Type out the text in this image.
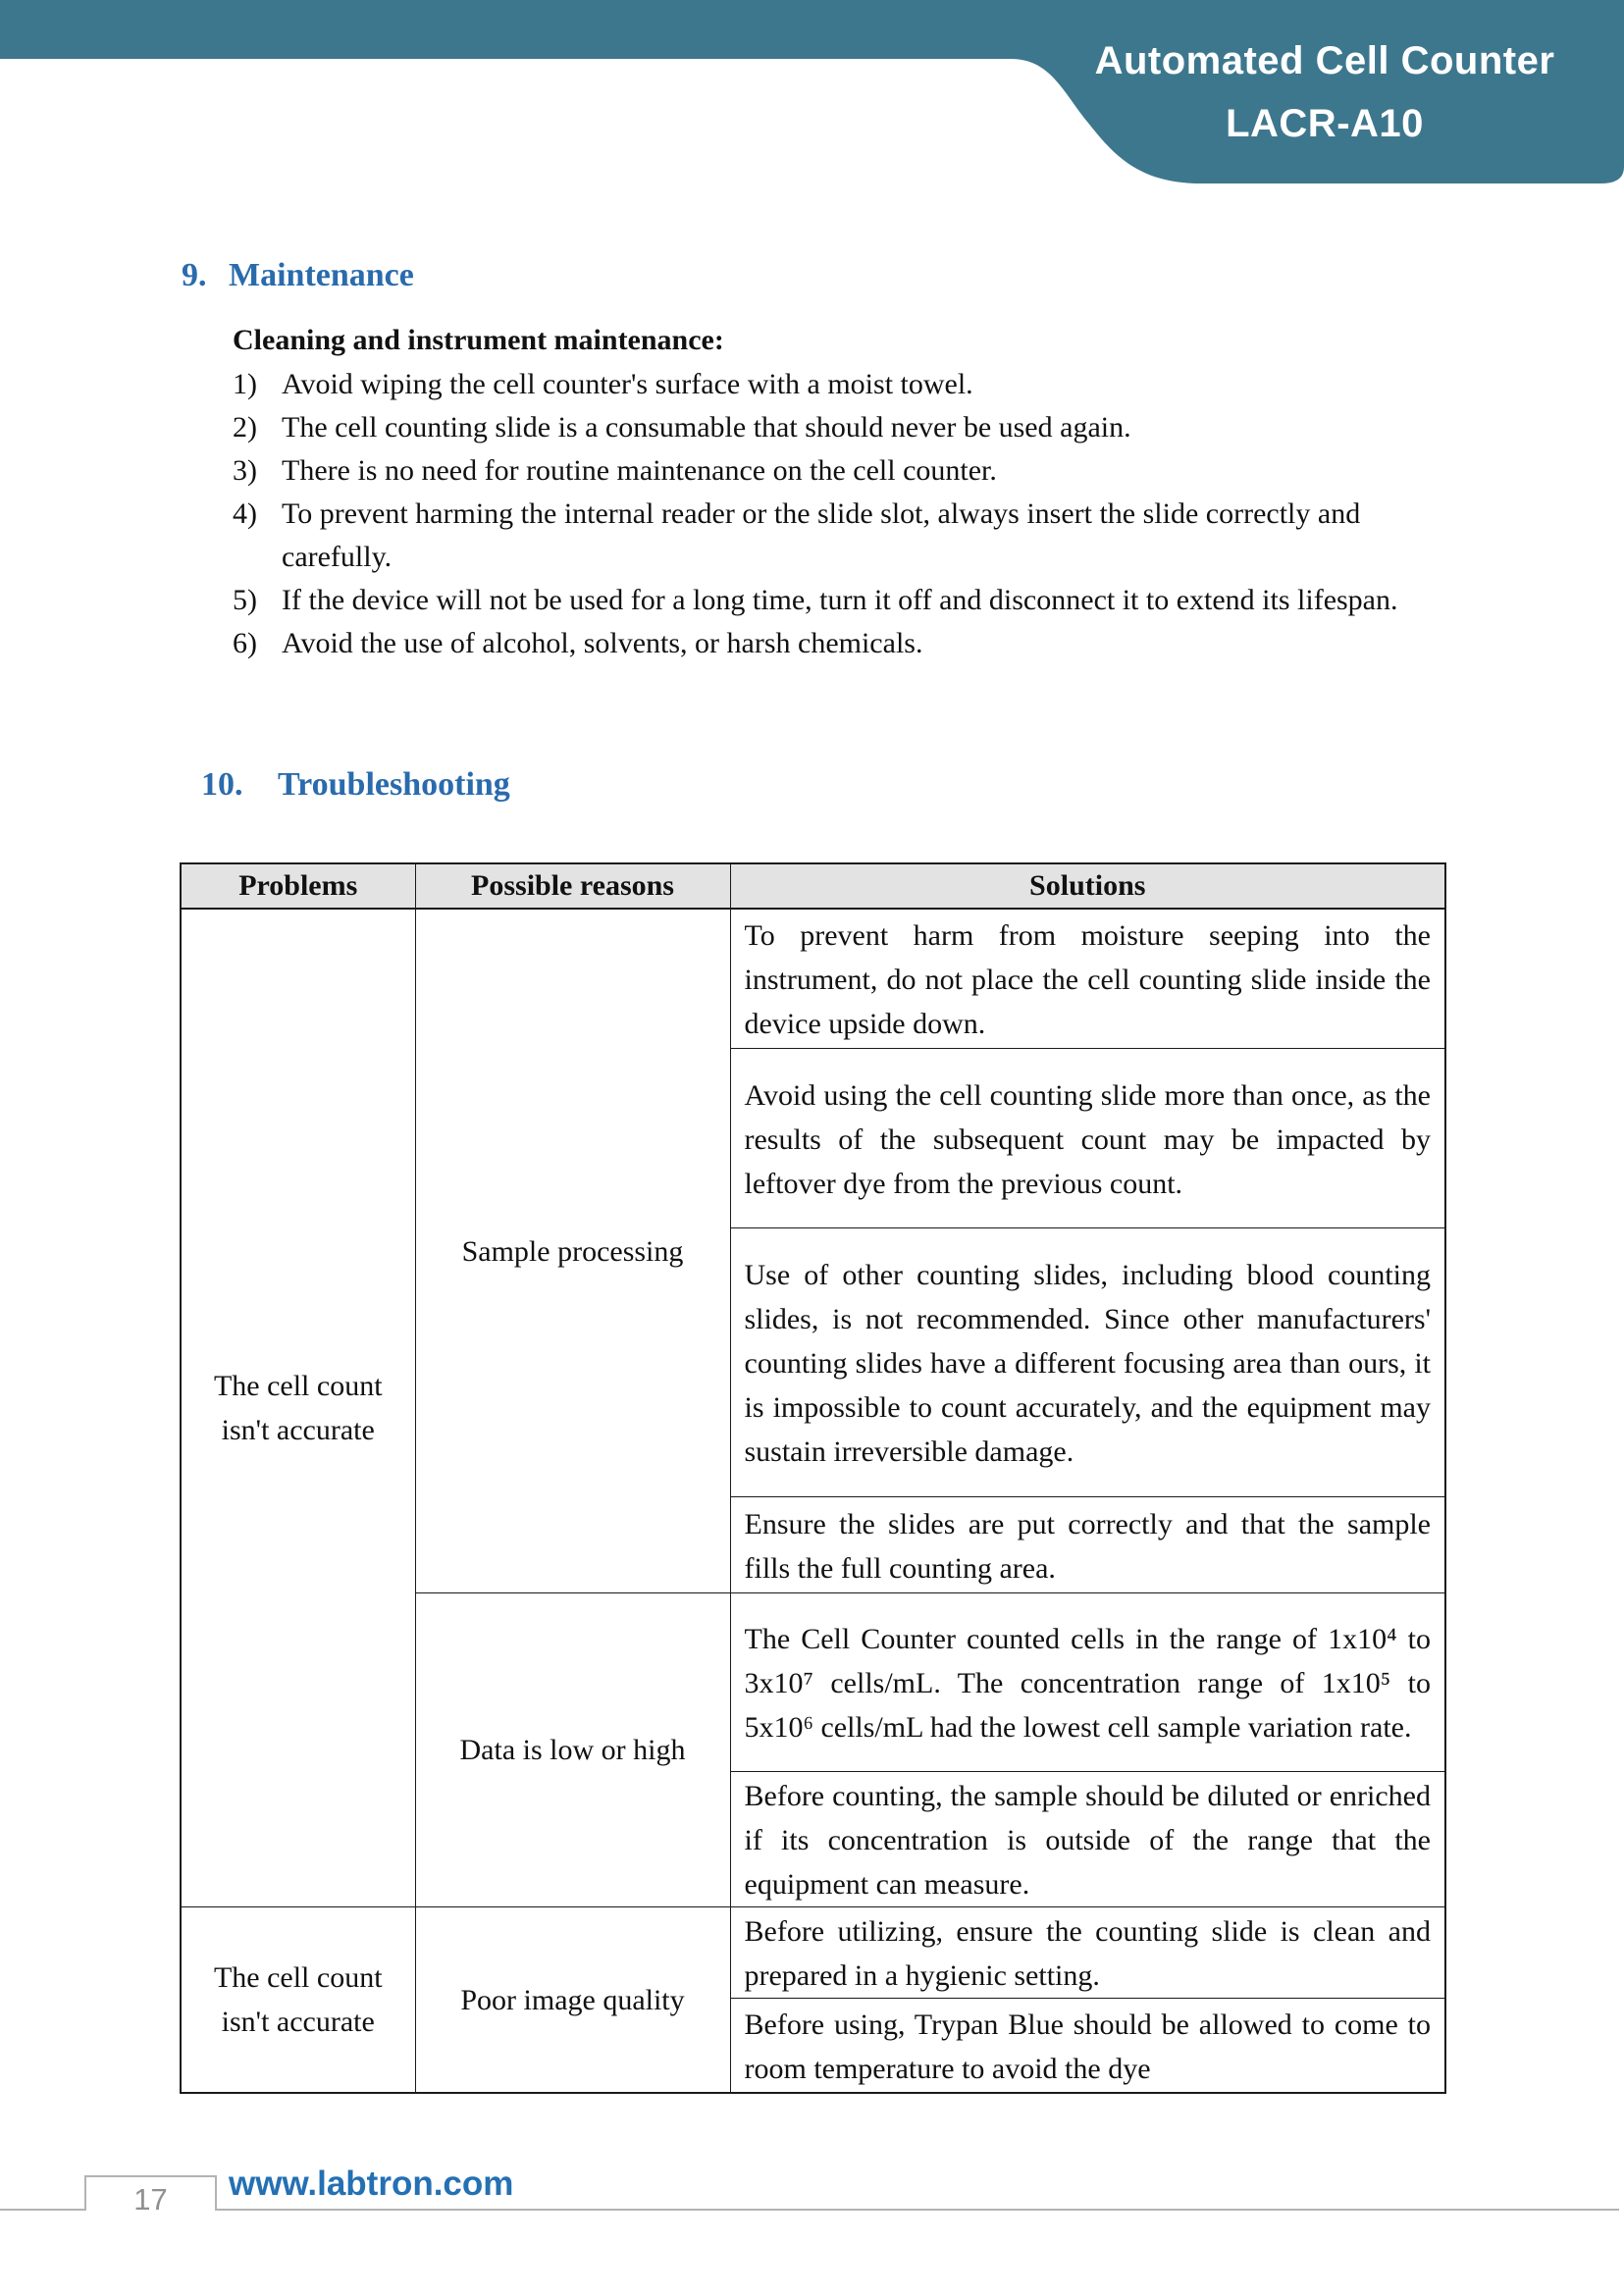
Automated Cell Counter
LACR-A10
9. Maintenance
Cleaning and instrument maintenance:
1) Avoid wiping the cell counter's surface with a moist towel.
2) The cell counting slide is a consumable that should never be used again.
3) There is no need for routine maintenance on the cell counter.
4) To prevent harming the internal reader or the slide slot, always insert the slide correctly and carefully.
5) If the device will not be used for a long time, turn it off and disconnect it to extend its lifespan.
6) Avoid the use of alcohol, solvents, or harsh chemicals.
10.	Troubleshooting
Problems	Possible reasons	Solutions
The cell count isn't accurate	Sample processing	To prevent harm from moisture seeping into the instrument, do not place the cell counting slide inside the device upside down.
		Avoid using the cell counting slide more than once, as the results of the subsequent count may be impacted by leftover dye from the previous count.
		Use of other counting slides, including blood counting slides, is not recommended. Since other manufacturers' counting slides have a different focusing area than ours, it is impossible to count accurately, and the equipment may sustain irreversible damage.
		Ensure the slides are put correctly and that the sample fills the full counting area.
	Data is low or high	The Cell Counter counted cells in the range of 1x10⁴ to 3x10⁷ cells/mL. The concentration range of 1x10⁵ to 5x10⁶ cells/mL had the lowest cell sample variation rate.
		Before counting, the sample should be diluted or enriched if its concentration is outside of the range that the equipment can measure.
The cell count isn't accurate	Poor image quality	Before utilizing, ensure the counting slide is clean and prepared in a hygienic setting.
		Before using, Trypan Blue should be allowed to come to room temperature to avoid the dye
17	www.labtron.com
